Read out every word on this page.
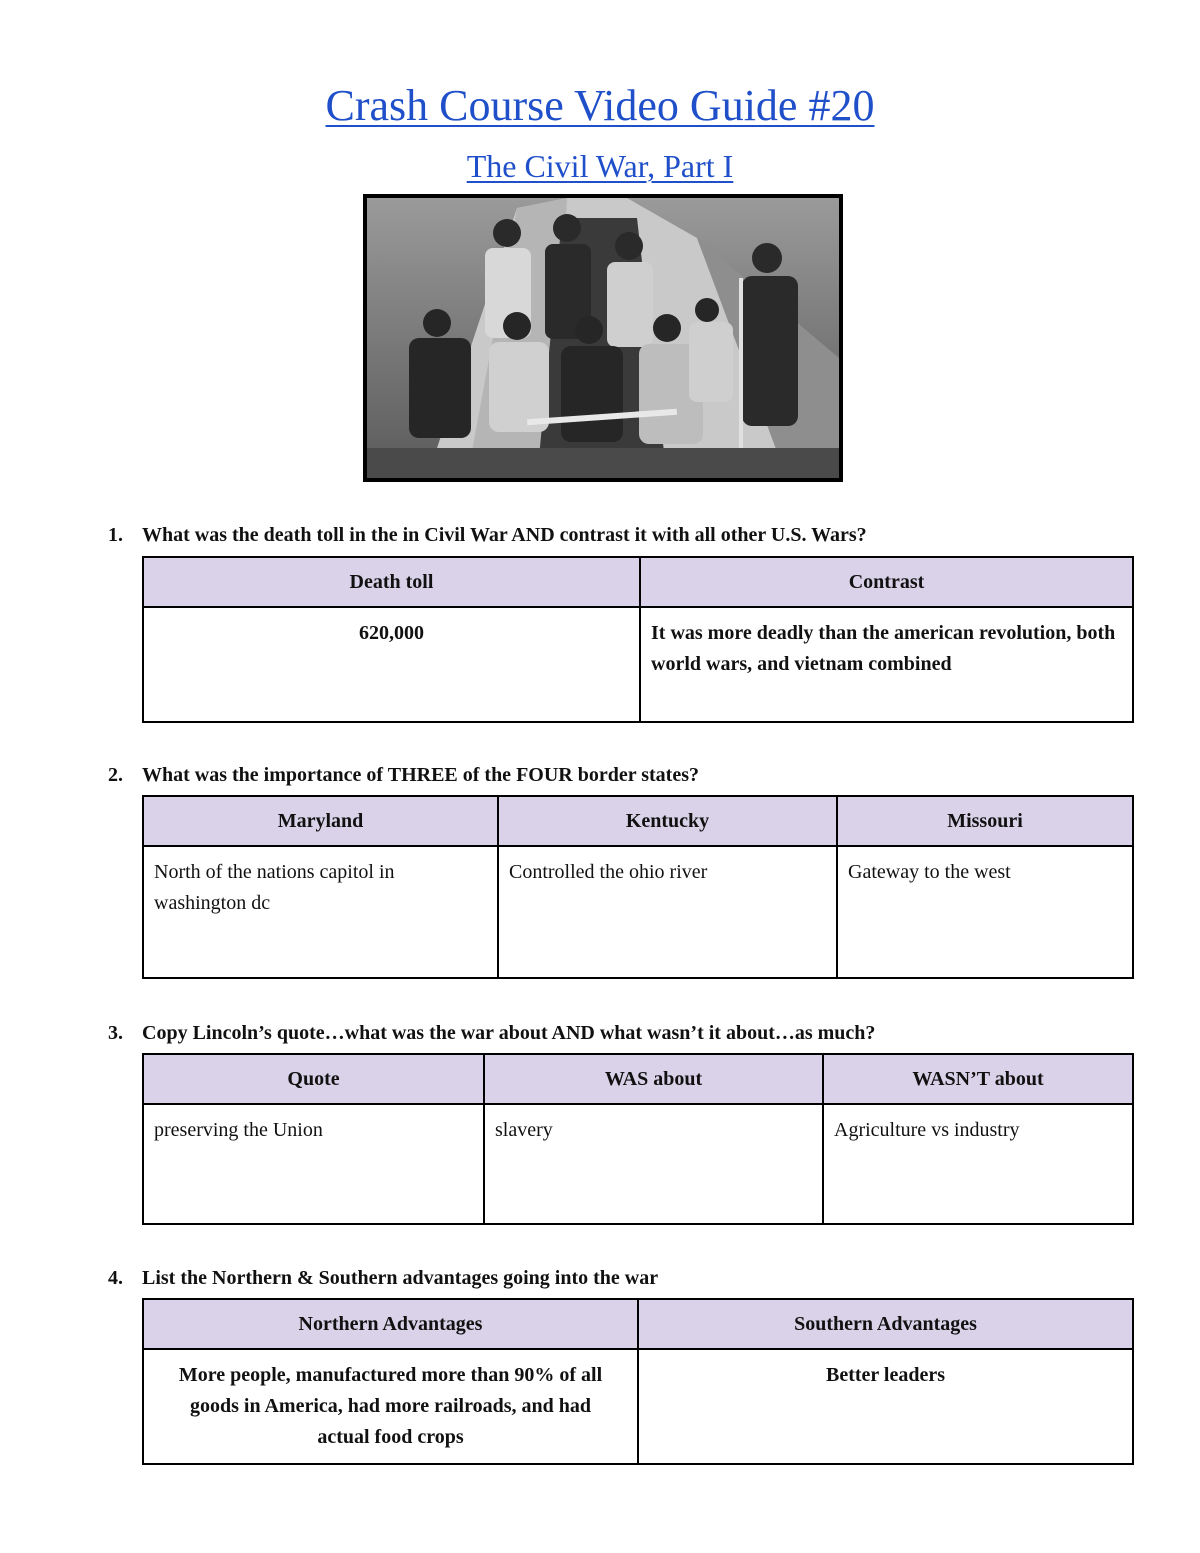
Crash Course Video Guide #20
The Civil War, Part I
1. What was the death toll in the in Civil War AND contrast it with all other U.S. Wars?
Death toll	Contrast
620,000	It was more deadly than the american revolution, both world wars, and vietnam combined
2. What was the importance of THREE of the FOUR border states?
Maryland	Kentucky	Missouri
North of the nations capitol in washington dc	Controlled the ohio river	Gateway to the west
3. Copy Lincoln’s quote…what was the war about AND what wasn’t it about…as much?
Quote	WAS about	WASN’T about
preserving the Union	slavery	Agriculture vs industry
4. List the Northern & Southern advantages going into the war
Northern Advantages	Southern Advantages
More people, manufactured more than 90% of all goods in America, had more railroads, and had actual food crops	Better leaders
